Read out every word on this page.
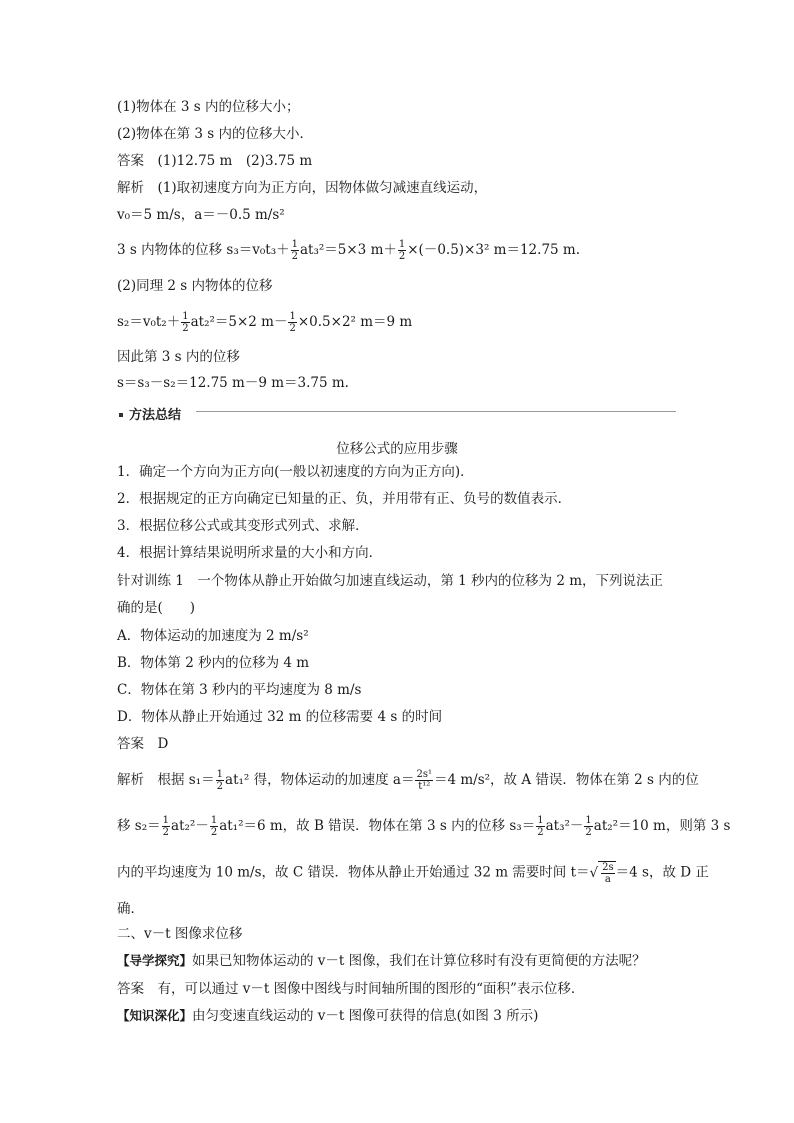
(1)物体在 3 s 内的位移大小；
(2)物体在第 3 s 内的位移大小．
答案　(1)12.75 m　(2)3.75 m
解析　(1)取初速度方向为正方向，因物体做匀减速直线运动，
v₀＝5 m/s，a＝－0.5 m/s²
3 s 内物体的位移 $s_3=v_0t_3+ \frac{1}{2} at_3^2=5\times 3$ $m+ \frac{1}{2} \times(-0.5)\times 3^2$ m＝12.75 m.
(2)同理 2 s 内物体的位移
$s_2=v_0t_2+ \frac{1}{2} at_2^2=5\times 2$ $m- \frac{1}{2} \times 0.5\times 2^2$ m＝9 m
因此第 3 s 内的位移
s＝s₃－s₂＝12.75 m－9 m＝3.75 m.
方法总结
位移公式的应用步骤
1．确定一个方向为正方向(一般以初速度的方向为正方向)．
2．根据规定的正方向确定已知量的正、负，并用带有正、负号的数值表示．
3．根据位移公式或其变形式列式、求解．
4．根据计算结果说明所求量的大小和方向．
针对训练 1　一个物体从静止开始做匀加速直线运动，第 1 秒内的位移为 2 m，下列说法正
确的是(　　)
A．物体运动的加速度为 2 m/s²
B．物体第 2 秒内的位移为 4 m
C．物体在第 3 秒内的平均速度为 8 m/s
D．物体从静止开始通过 32 m 的位移需要 4 s 的时间
答案　D
解析　根据 $s_1= \frac{1}{2} at_1^2$ 得，物体运动的加速度 $a= \frac{\text{2s¹}}{\text{t¹²}} =4$ m/s²，故 A 错误．物体在第 2 s 内的位
移 $s_2= \frac{1}{2} at_2^2- \frac{1}{2} at_1^2=6$ m，故 B 错误．物体在第 3 s 内的位移 $s_3= \frac{1}{2} at_3^2- \frac{1}{2} at_2^2=10$ m，则第 3 s
内的平均速度为 10 m/s，故 C 错误．物体从静止开始通过 32 m 需要时间 $t=√ \frac{2s}{a} =4$ s，故 D 正
确．
二、v－t 图像求位移
【导学探究】如果已知物体运动的 v－t 图像，我们在计算位移时有没有更简便的方法呢？
答案　有，可以通过 v－t 图像中图线与时间轴所围的图形的“面积”表示位移．
【知识深化】由匀变速直线运动的 v－t 图像可获得的信息(如图 3 所示)
